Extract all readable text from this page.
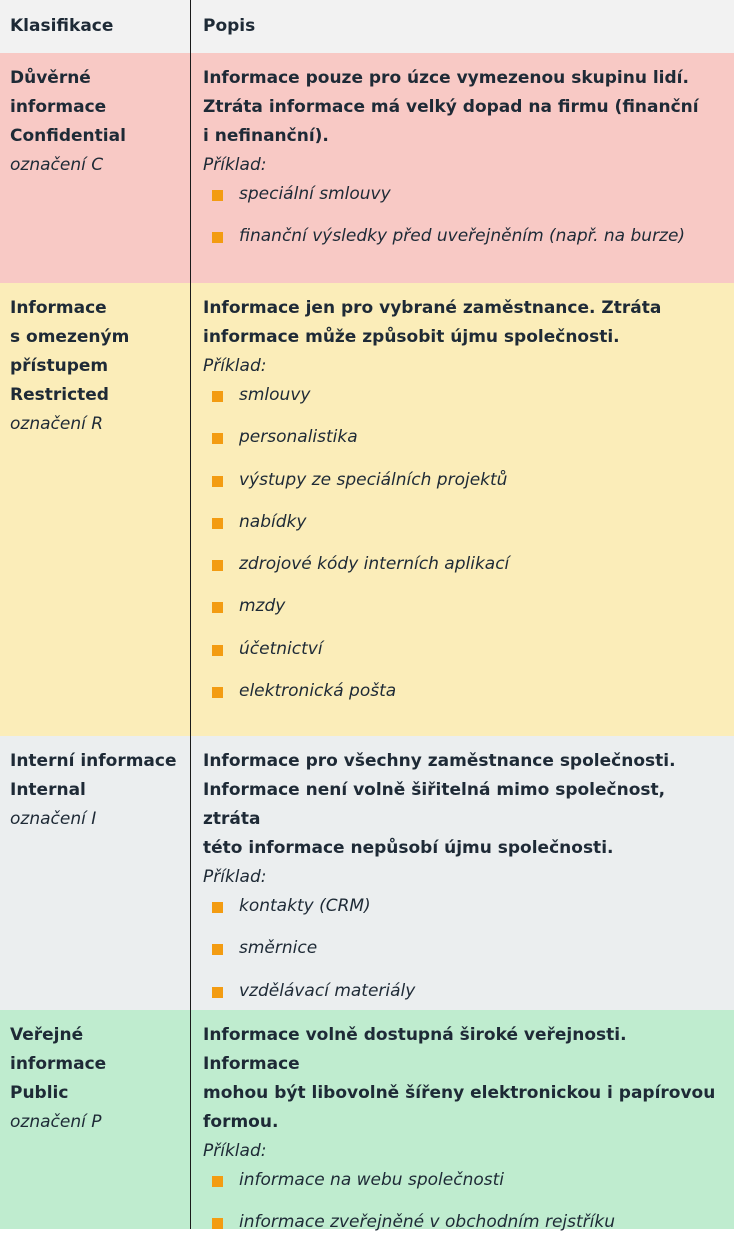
Klasifikace	Popis
Důvěrné
informace
Confidential
označení C
Informace pouze pro úzce vymezenou skupinu lidí.
Ztráta informace má velký dopad na firmu (finanční
i nefinanční).
Příklad:
speciální smlouvy
finanční výsledky před uveřejněním (např. na burze)
Informace
s omezeným
přístupem
Restricted
označení R
Informace jen pro vybrané zaměstnance. Ztráta
informace může způsobit újmu společnosti.
Příklad:
smlouvy
personalistika
výstupy ze speciálních projektů
nabídky
zdrojové kódy interních aplikací
mzdy
účetnictví
elektronická pošta
Interní informace
Internal
označení I
Informace pro všechny zaměstnance společnosti.
Informace není volně šiřitelná mimo společnost, ztráta
této informace nepůsobí újmu společnosti.
Příklad:
kontakty (CRM)
směrnice
vzdělávací materiály
Veřejné
informace
Public
označení P
Informace volně dostupná široké veřejnosti. Informace
mohou být libovolně šířeny elektronickou i papírovou
formou.
Příklad:
informace na webu společnosti
informace zveřejněné v obchodním rejstříku
